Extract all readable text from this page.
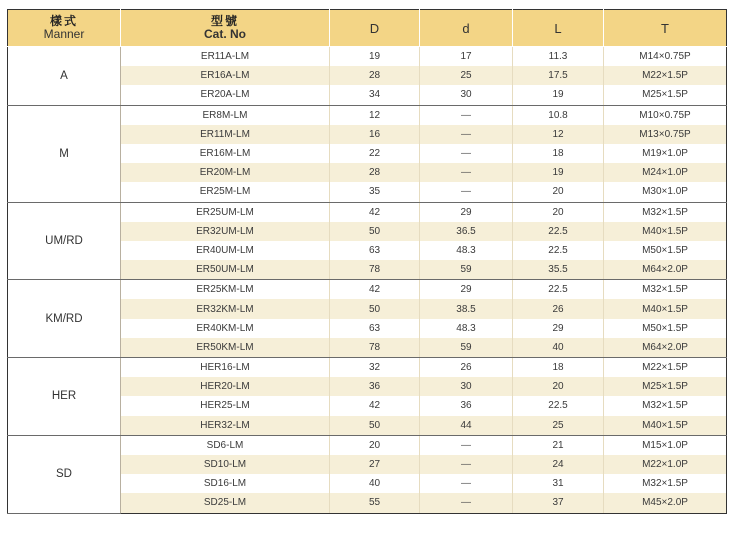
樣式
Manner	型號
Cat. No	D	d	L	T
A	ER11A-LM	19	17	11.3	M14×0.75P
	ER16A-LM	28	25	17.5	M22×1.5P
	ER20A-LM	34	30	19	M25×1.5P
M	ER8M-LM	12	—	10.8	M10×0.75P
	ER11M-LM	16	—	12	M13×0.75P
	ER16M-LM	22	—	18	M19×1.0P
	ER20M-LM	28	—	19	M24×1.0P
	ER25M-LM	35	—	20	M30×1.0P
UM/RD	ER25UM-LM	42	29	20	M32×1.5P
	ER32UM-LM	50	36.5	22.5	M40×1.5P
	ER40UM-LM	63	48.3	22.5	M50×1.5P
	ER50UM-LM	78	59	35.5	M64×2.0P
KM/RD	ER25KM-LM	42	29	22.5	M32×1.5P
	ER32KM-LM	50	38.5	26	M40×1.5P
	ER40KM-LM	63	48.3	29	M50×1.5P
	ER50KM-LM	78	59	40	M64×2.0P
HER	HER16-LM	32	26	18	M22×1.5P
	HER20-LM	36	30	20	M25×1.5P
	HER25-LM	42	36	22.5	M32×1.5P
	HER32-LM	50	44	25	M40×1.5P
SD	SD6-LM	20	—	21	M15×1.0P
	SD10-LM	27	—	24	M22×1.0P
	SD16-LM	40	—	31	M32×1.5P
	SD25-LM	55	—	37	M45×2.0P
